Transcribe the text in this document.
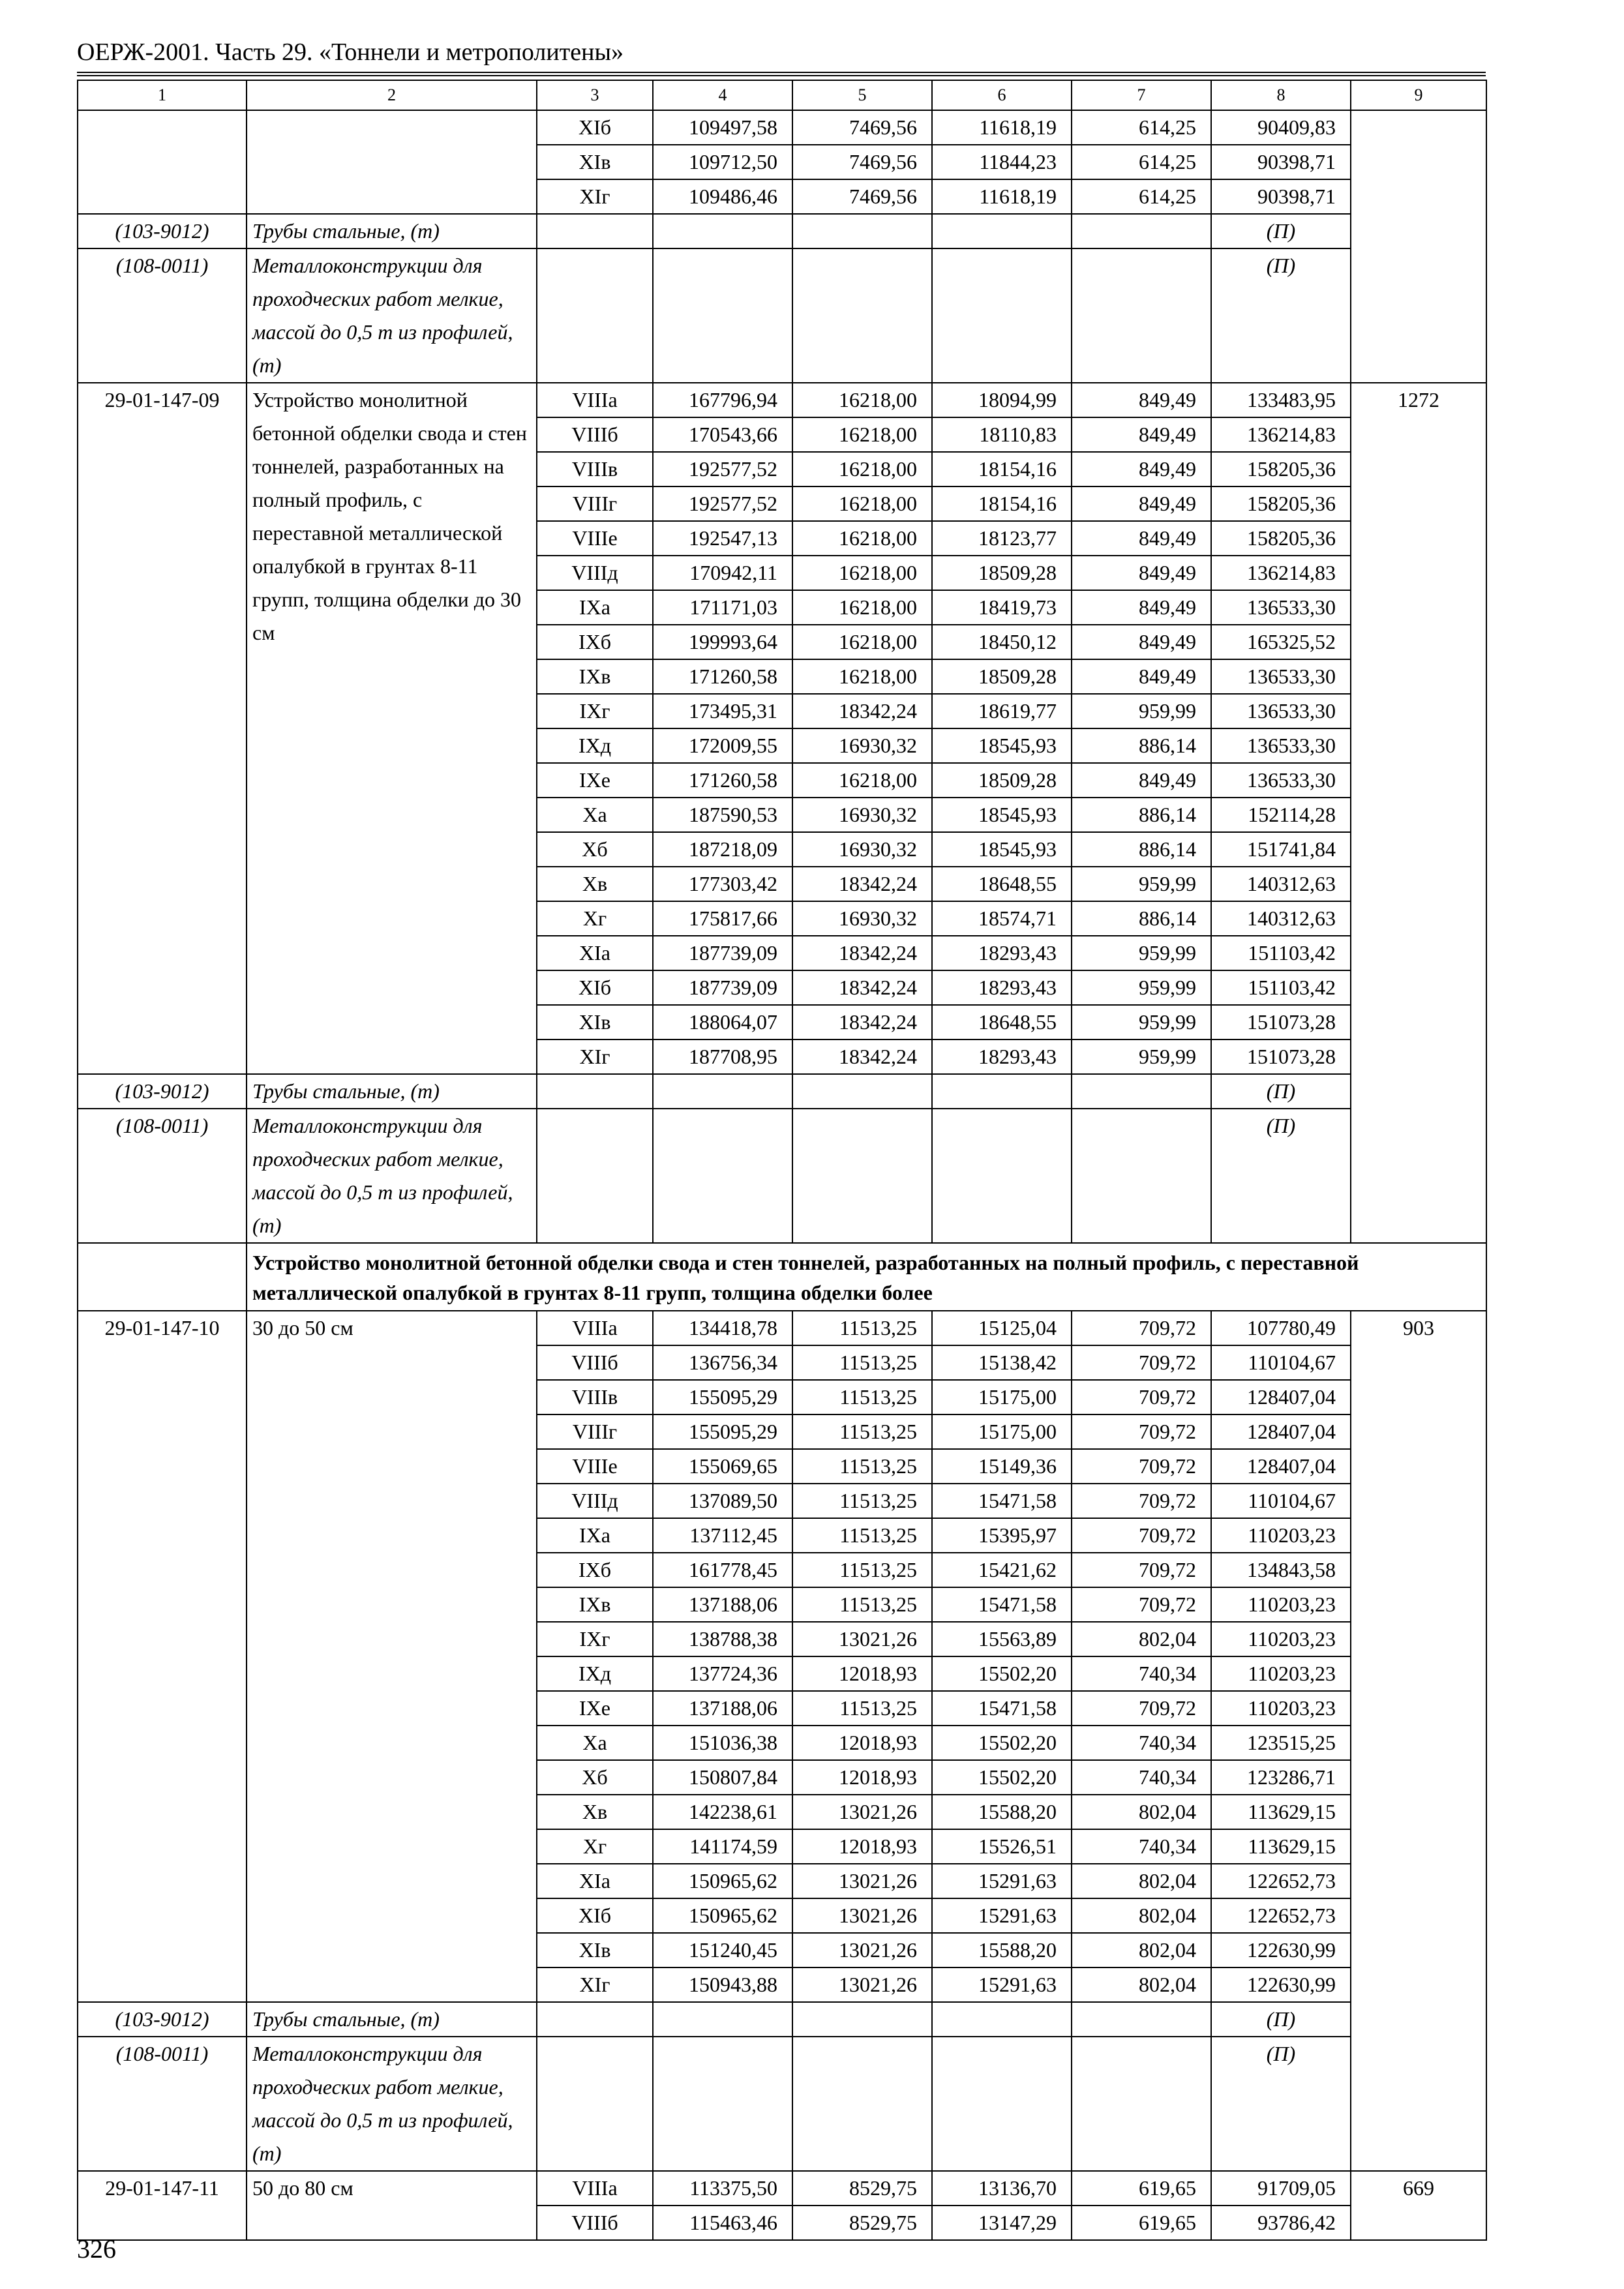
ОЕРЖ-2001. Часть 29. «Тоннели и метрополитены»
1	2	3	4	5	6	7	8	9
		XIб	109497,58	7469,56	11618,19	614,25	90409,83	
		XIв	109712,50	7469,56	11844,23	614,25	90398,71	
		XIг	109486,46	7469,56	11618,19	614,25	90398,71	
(103-9012)	Трубы стальные, (т)						(П)	
(108-0011)	Металлоконструкции для проходческих работ мелкие, массой до 0,5 т из профилей, (т)						(П)	
29-01-147-09	Устройство монолитной бетонной обделки свода и стен тоннелей, разработанных на полный профиль, с переставной металлической опалубкой в грунтах 8-11 групп, толщина обделки до 30 см	VIIIа	167796,94	16218,00	18094,99	849,49	133483,95	1272
		VIIIб	170543,66	16218,00	18110,83	849,49	136214,83	
		VIIIв	192577,52	16218,00	18154,16	849,49	158205,36	
		VIIIг	192577,52	16218,00	18154,16	849,49	158205,36	
		VIIIе	192547,13	16218,00	18123,77	849,49	158205,36	
		VIIIд	170942,11	16218,00	18509,28	849,49	136214,83	
		IXа	171171,03	16218,00	18419,73	849,49	136533,30	
		IXб	199993,64	16218,00	18450,12	849,49	165325,52	
		IXв	171260,58	16218,00	18509,28	849,49	136533,30	
		IXг	173495,31	18342,24	18619,77	959,99	136533,30	
		IXд	172009,55	16930,32	18545,93	886,14	136533,30	
		IXе	171260,58	16218,00	18509,28	849,49	136533,30	
		Xа	187590,53	16930,32	18545,93	886,14	152114,28	
		Xб	187218,09	16930,32	18545,93	886,14	151741,84	
		Xв	177303,42	18342,24	18648,55	959,99	140312,63	
		Xг	175817,66	16930,32	18574,71	886,14	140312,63	
		XIа	187739,09	18342,24	18293,43	959,99	151103,42	
		XIб	187739,09	18342,24	18293,43	959,99	151103,42	
		XIв	188064,07	18342,24	18648,55	959,99	151073,28	
		XIг	187708,95	18342,24	18293,43	959,99	151073,28	
(103-9012)	Трубы стальные, (т)						(П)	
(108-0011)	Металлоконструкции для проходческих работ мелкие, массой до 0,5 т из профилей, (т)						(П)	
	Устройство монолитной бетонной обделки свода и стен тоннелей, разработанных на полный профиль, с переставной металлической опалубкой в грунтах 8-11 групп, толщина обделки более							
29-01-147-10	30 до 50 см	VIIIа	134418,78	11513,25	15125,04	709,72	107780,49	903
		VIIIб	136756,34	11513,25	15138,42	709,72	110104,67	
		VIIIв	155095,29	11513,25	15175,00	709,72	128407,04	
		VIIIг	155095,29	11513,25	15175,00	709,72	128407,04	
		VIIIе	155069,65	11513,25	15149,36	709,72	128407,04	
		VIIIд	137089,50	11513,25	15471,58	709,72	110104,67	
		IXа	137112,45	11513,25	15395,97	709,72	110203,23	
		IXб	161778,45	11513,25	15421,62	709,72	134843,58	
		IXв	137188,06	11513,25	15471,58	709,72	110203,23	
		IXг	138788,38	13021,26	15563,89	802,04	110203,23	
		IXд	137724,36	12018,93	15502,20	740,34	110203,23	
		IXе	137188,06	11513,25	15471,58	709,72	110203,23	
		Xа	151036,38	12018,93	15502,20	740,34	123515,25	
		Xб	150807,84	12018,93	15502,20	740,34	123286,71	
		Xв	142238,61	13021,26	15588,20	802,04	113629,15	
		Xг	141174,59	12018,93	15526,51	740,34	113629,15	
		XIа	150965,62	13021,26	15291,63	802,04	122652,73	
		XIб	150965,62	13021,26	15291,63	802,04	122652,73	
		XIв	151240,45	13021,26	15588,20	802,04	122630,99	
		XIг	150943,88	13021,26	15291,63	802,04	122630,99	
(103-9012)	Трубы стальные, (т)						(П)	
(108-0011)	Металлоконструкции для проходческих работ мелкие, массой до 0,5 т из профилей, (т)						(П)	
29-01-147-11	50 до 80 см	VIIIа	113375,50	8529,75	13136,70	619,65	91709,05	669
		VIIIб	115463,46	8529,75	13147,29	619,65	93786,42	
326
